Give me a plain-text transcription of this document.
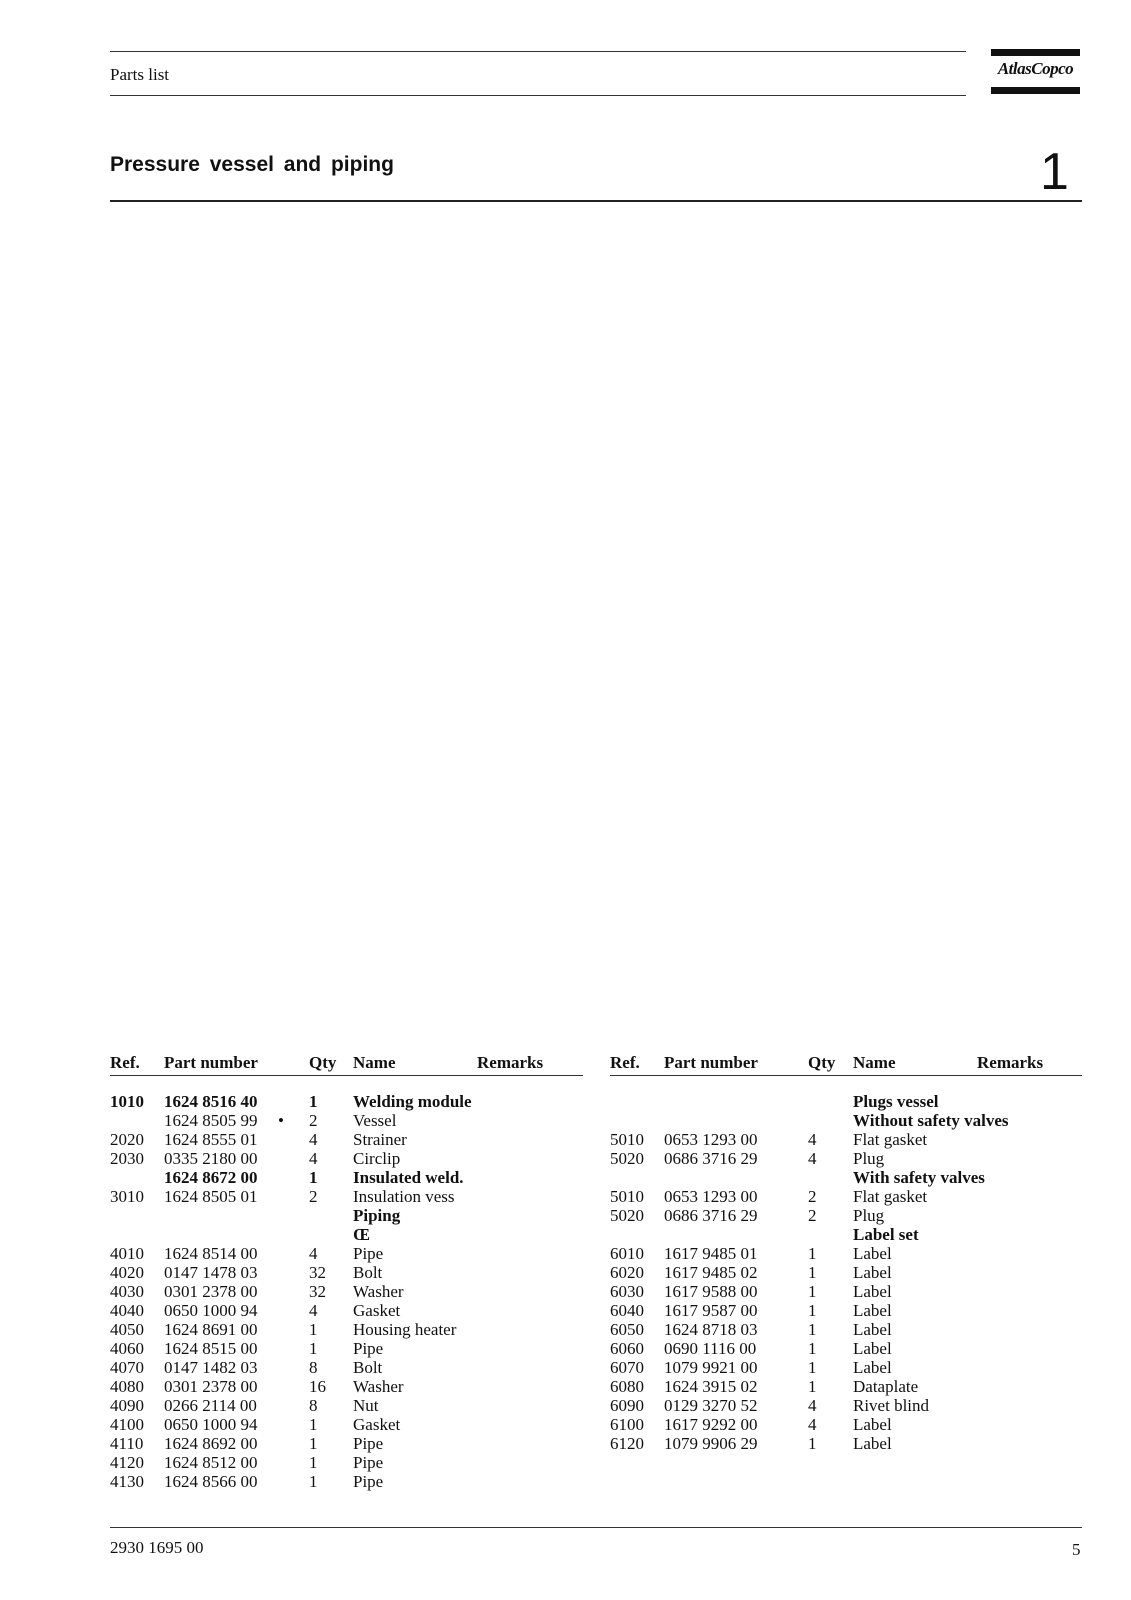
Parts list	AtlasCopco
Pressure vessel and piping	1
Ref. Part number	Qty Name	Remarks
1010 1624 8516 40	1 Welding module
1624 8505 99 • 2 Vessel
2020 1624 8555 01	4 Strainer
2030 0335 2180 00	4 Circlip
1624 8672 00	1 Insulated weld.
3010 1624 8505 01	2 Insulation vess
Piping
Œ
4010 1624 8514 00	4 Pipe
4020 0147 1478 03	32 Bolt
4030 0301 2378 00	32 Washer
4040 0650 1000 94	4 Gasket
4050 1624 8691 00	1 Housing heater
4060 1624 8515 00	1 Pipe
4070 0147 1482 03	8 Bolt
4080 0301 2378 00	16 Washer
4090 0266 2114 00	8 Nut
4100 0650 1000 94	1 Gasket
4110 1624 8692 00	1 Pipe
4120 1624 8512 00	1 Pipe
4130 1624 8566 00	1 Pipe
Ref. Part number	Qty Name	Remarks
Plugs vessel
Without safety valves
5010 0653 1293 00	4 Flat gasket
5020 0686 3716 29	4 Plug
With safety valves
5010 0653 1293 00	2 Flat gasket
5020 0686 3716 29	2 Plug
Label set
6010 1617 9485 01	1 Label
6020 1617 9485 02	1 Label
6030 1617 9588 00	1 Label
6040 1617 9587 00	1 Label
6050 1624 8718 03	1 Label
6060 0690 1116 00	1 Label
6070 1079 9921 00	1 Label
6080 1624 3915 02	1 Dataplate
6090 0129 3270 52	4 Rivet blind
6100 1617 9292 00	4 Label
6120 1079 9906 29	1 Label
2930 1695 00	5
